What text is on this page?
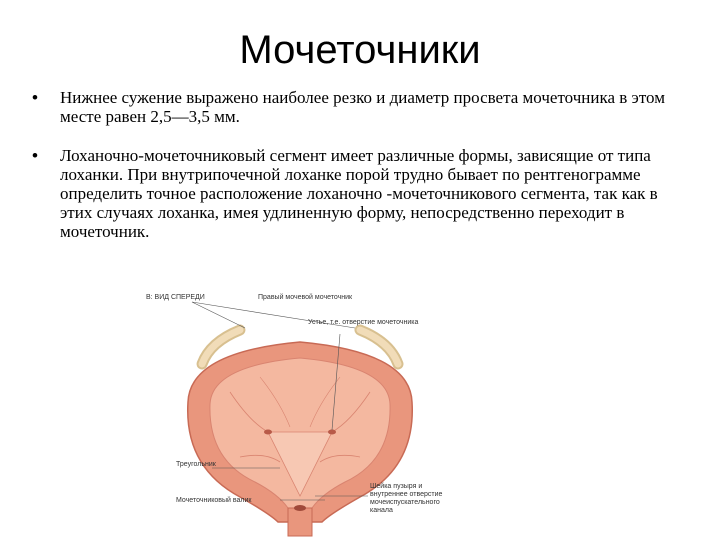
Мочеточники
• Нижнее сужение выражено наиболее резко и диаметр просвета мочеточника в этом месте равен 2,5—3,5 мм.
• Лоханочно-мочеточниковый сегмент имеет различные формы, зависящие от типа лоханки. При внутрипочечной лоханке порой трудно бывает по рентгенограмме определить точное расположение лоханочно -мочеточникового сегмента, так как в этих случаях лоханка, имея удлиненную форму, непосредственно переходит в мочеточник.
В: ВИД СПЕРЕДИ	Правый мочевой мочеточник
Устье, т.е. отверстие мочеточника
Треугольник
Мочеточниковый валик
Шейка пузыря и внутреннее отверстие мочеиспускательного канала
